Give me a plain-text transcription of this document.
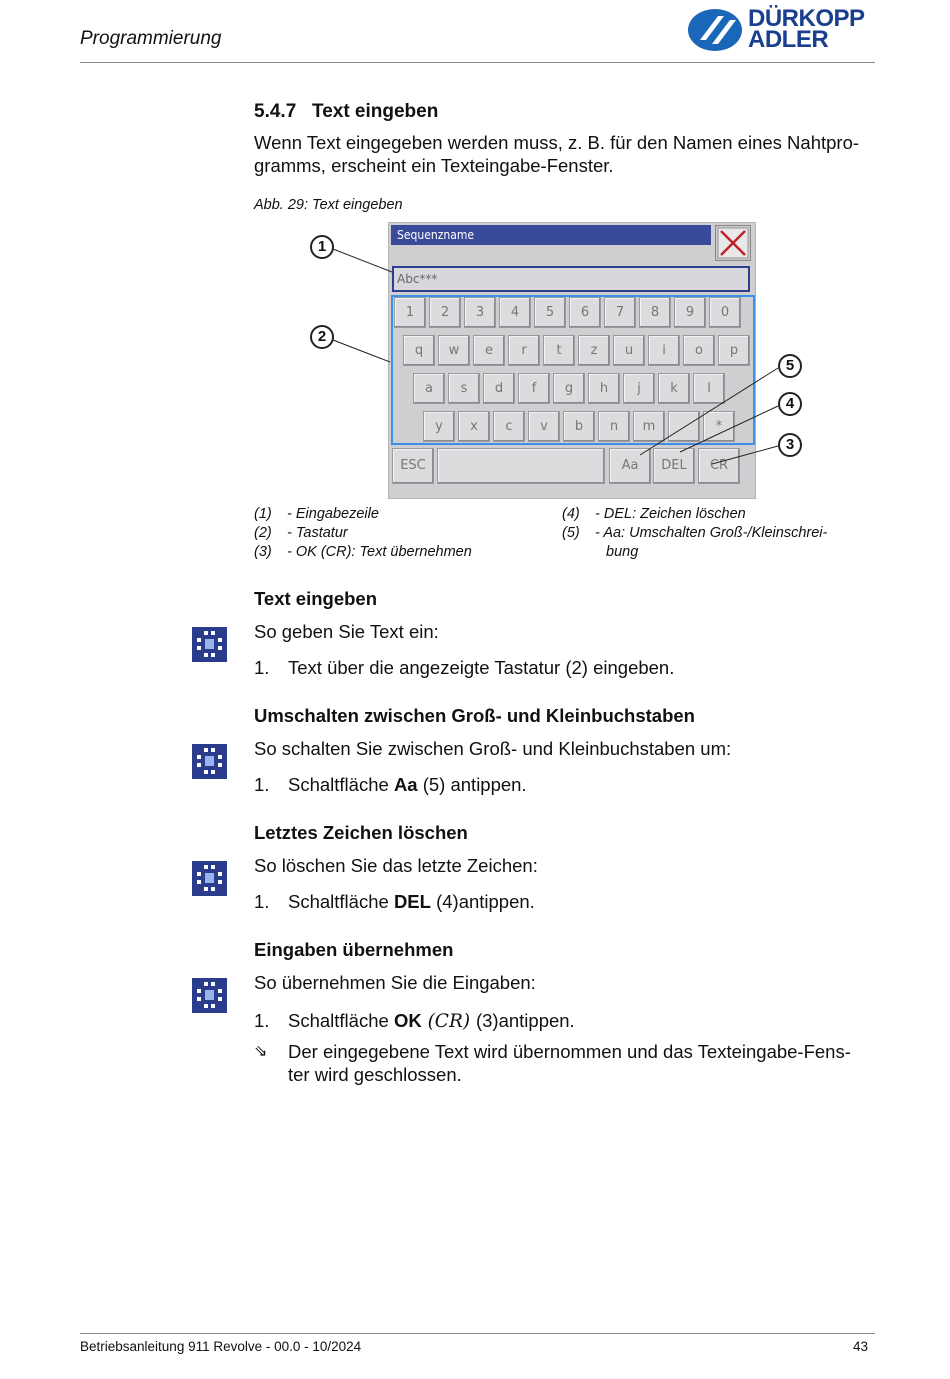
Programmierung
DÜRKOPP
ADLER
5.4.7 Text eingeben
Wenn Text eingegeben werden muss, z. B. für den Namen eines Nahtpro-
gramms, erscheint ein Texteingabe-Fenster.
Abb. 29: Text eingeben
Sequenzname
Abc***
1	2	3	4	5	6	7	8	9	0
q	w	e	r	t	z	u	i	o	p
a	s	d	f	g	h	j	k	l
y	x	c	v	b	n	m	*
ESC	Aa	DEL	CR
1
2
3
4
5
(1) - Eingabezeile
(2) - Tastatur
(3) - OK (CR): Text übernehmen
(4) - DEL: Zeichen löschen
(5) - Aa: Umschalten Groß-/Kleinschrei-
bung
Text eingeben
So geben Sie Text ein:
1. Text über die angezeigte Tastatur (2) eingeben.
Umschalten zwischen Groß- und Kleinbuchstaben
So schalten Sie zwischen Groß- und Kleinbuchstaben um:
1. Schaltfläche Aa (5) antippen.
Letztes Zeichen löschen
So löschen Sie das letzte Zeichen:
1. Schaltfläche DEL (4)antippen.
Eingaben übernehmen
So übernehmen Sie die Eingaben:
1. Schaltfläche OK (CR) (3)antippen.
⇘ Der eingegebene Text wird übernommen und das Texteingabe-Fens-
ter wird geschlossen.
Betriebsanleitung 911 Revolve - 00.0 - 10/2024	43
